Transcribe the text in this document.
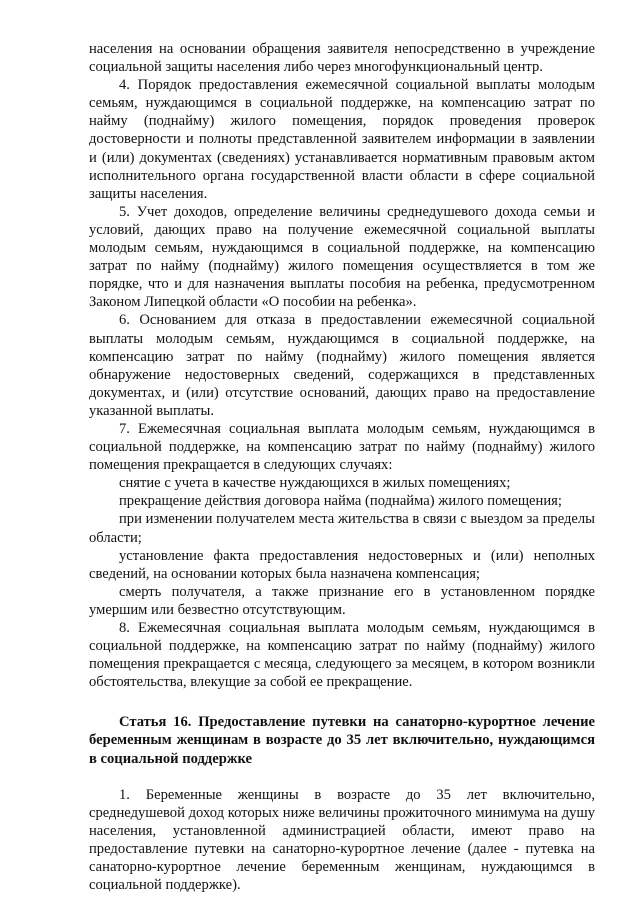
населения на основании обращения заявителя непосредственно в учреждение социальной защиты населения либо через многофункциональный центр.

4. Порядок предоставления ежемесячной социальной выплаты молодым семьям, нуждающимся в социальной поддержке, на компенсацию затрат по найму (поднайму) жилого помещения, порядок проведения проверок достоверности и полноты представленной заявителем информации в заявлении и (или) документах (сведениях) устанавливается нормативным правовым актом исполнительного органа государственной власти области в сфере социальной защиты населения.

5. Учет доходов, определение величины среднедушевого дохода семьи и условий, дающих право на получение ежемесячной социальной выплаты молодым семьям, нуждающимся в социальной поддержке, на компенсацию затрат по найму (поднайму) жилого помещения осуществляется в том же порядке, что и для назначения выплаты пособия на ребенка, предусмотренном Законом Липецкой области «О пособии на ребенка».

6. Основанием для отказа в предоставлении ежемесячной социальной выплаты молодым семьям, нуждающимся в социальной поддержке, на компенсацию затрат по найму (поднайму) жилого помещения является обнаружение недостоверных сведений, содержащихся в представленных документах, и (или) отсутствие оснований, дающих право на предоставление указанной выплаты.

7. Ежемесячная социальная выплата молодым семьям, нуждающимся в социальной поддержке, на компенсацию затрат по найму (поднайму) жилого помещения прекращается в следующих случаях:

снятие с учета в качестве нуждающихся в жилых помещениях;

прекращение действия договора найма (поднайма) жилого помещения;

при изменении получателем места жительства в связи с выездом за пределы области;

установление факта предоставления недостоверных и (или) неполных сведений, на основании которых была назначена компенсация;

смерть получателя, а также признание его в установленном порядке умершим или безвестно отсутствующим.

8. Ежемесячная социальная выплата молодым семьям, нуждающимся в социальной поддержке, на компенсацию затрат по найму (поднайму) жилого помещения прекращается с месяца, следующего за месяцем, в котором возникли обстоятельства, влекущие за собой ее прекращение.

Статья 16. Предоставление путевки на санаторно-курортное лечение беременным женщинам в возрасте до 35 лет включительно, нуждающимся в социальной поддержке

1. Беременные женщины в возрасте до 35 лет включительно, среднедушевой доход которых ниже величины прожиточного минимума на душу населения, установленной администрацией области, имеют право на предоставление путевки на санаторно-курортное лечение (далее - путевка на санаторно-курортное лечение беременным женщинам, нуждающимся в социальной поддержке).
